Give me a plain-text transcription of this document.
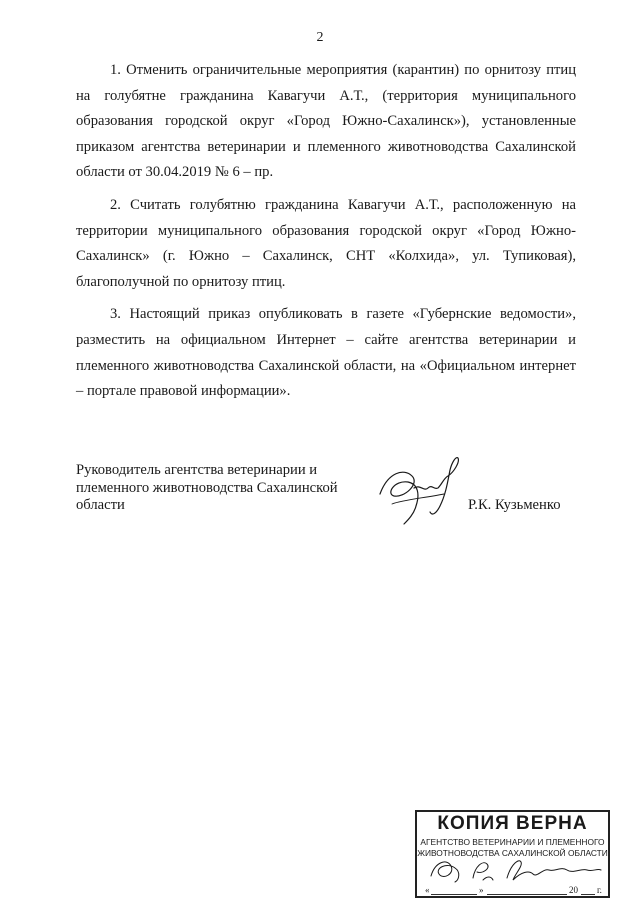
2

1. Отменить ограничительные мероприятия (карантин) по орнитозу птиц на голубятне гражданина Кавагучи А.Т., (территория муниципального образования городской округ «Город Южно-Сахалинск»), установленные приказом агентства ветеринарии и племенного животноводства Сахалинской области от 30.04.2019 № 6 – пр.

2. Считать голубятню гражданина Кавагучи А.Т., расположенную на территории муниципального образования городской округ «Город Южно-Сахалинск» (г. Южно – Сахалинск, СНТ «Колхида», ул. Тупиковая), благополучной по орнитозу птиц.

3. Настоящий приказ опубликовать в газете «Губернские ведомости», разместить на официальном Интернет – сайте агентства ветеринарии и племенного животноводства Сахалинской области, на «Официальном интернет – портале правовой информации».

Руководитель агентства ветеринарии и
племенного животноводства Сахалинской
области	Р.К. Кузьменко
КОПИЯ ВЕРНА
АГЕНТСТВО ВЕТЕРИНАРИИ И ПЛЕМЕННОГО
ЖИВОТНОВОДСТВА САХАЛИНСКОЙ ОБЛАСТИ
«	»	20 г.
